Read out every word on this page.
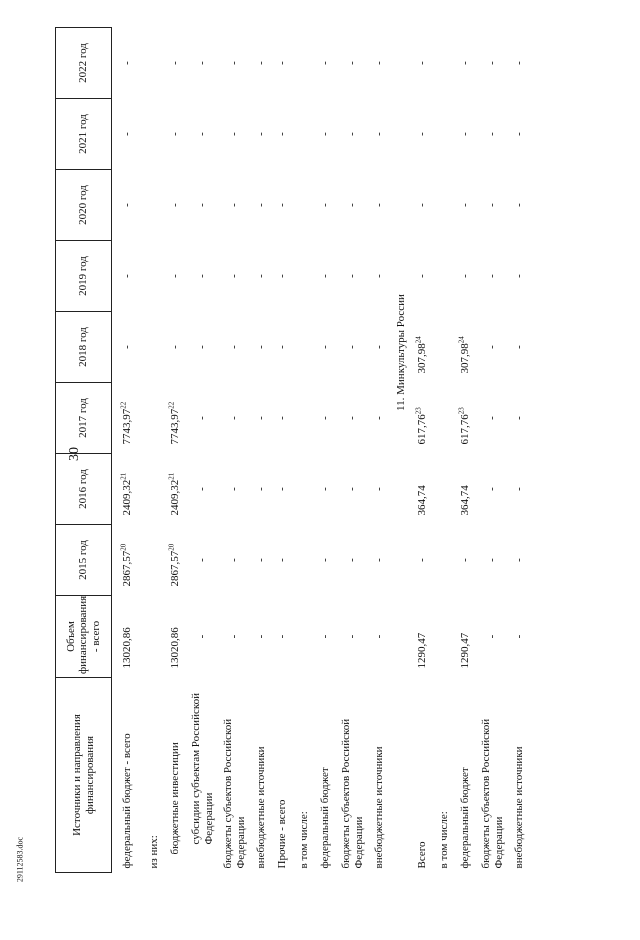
30
29112583.doc
Источники и направления финансирования	Объем финансирования - всего	2015 год	2016 год	2017 год	2018 год	2019 год	2020 год	2021 год	2022 год
федеральный бюджет - всего	13020,86	2867,57$^{20}$	2409,32$^{21}$	7743,97$^{22}$	-	-	-	-	-
из них:									
бюджетные инвестиции	13020,86	2867,57$^{20}$	2409,32$^{21}$	7743,97$^{22}$	-	-	-	-	-
субсидии субъектам Российской Федерации	-	-	-	-	-	-	-	-	-
бюджеты субъектов Российской Федерации	-	-	-	-	-	-	-	-	-
внебюджетные источники	-	-	-	-	-	-	-	-	-
Прочие - всего	-	-	-	-	-	-	-	-	-
в том числе:									
федеральный бюджет	-	-	-	-	-	-	-	-	-
бюджеты субъектов Российской Федерации	-	-	-	-	-	-	-	-	-
внебюджетные источники	-	-	-	-	-	-	-	-	-
	11. Минкультуры России								
Всего	1290,47	-	364,74	617,76$^{23}$	307,98$^{24}$	-	-	-	-
в том числе:									
федеральный бюджет	1290,47	-	364,74	617,76$^{23}$	307,98$^{24}$	-	-	-	-
бюджеты субъектов Российской Федерации	-	-	-	-	-	-	-	-	-
внебюджетные источники	-	-	-	-	-	-	-	-	-
